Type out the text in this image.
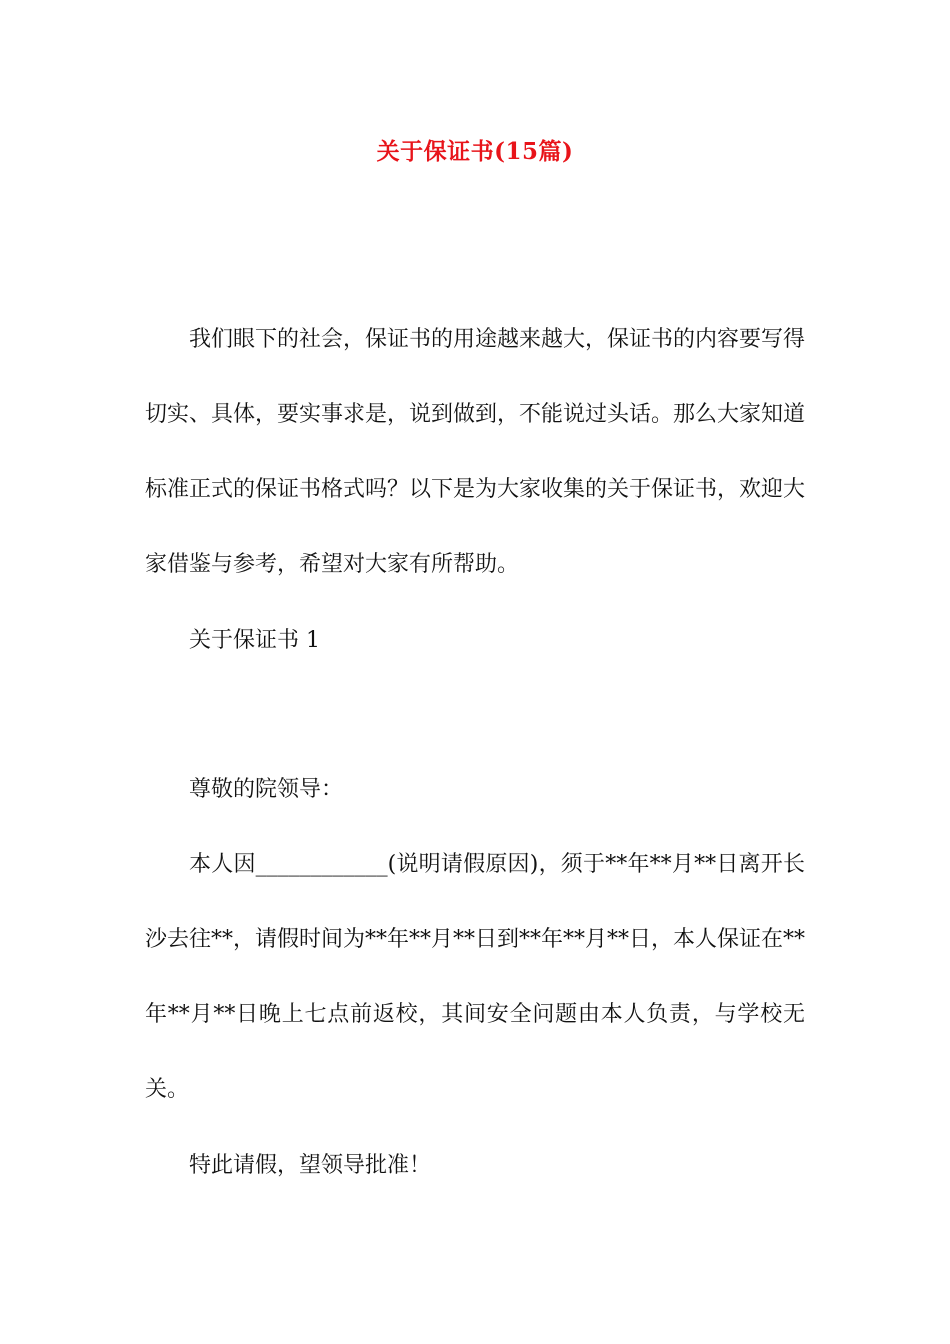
关于保证书(15篇)

我们眼下的社会，保证书的用途越来越大，保证书的内容要写得切实、具体，要实事求是，说到做到，不能说过头话。那么大家知道标准正式的保证书格式吗？以下是为大家收集的关于保证书，欢迎大家借鉴与参考，希望对大家有所帮助。

关于保证书 1

尊敬的院领导：

本人因____________(说明请假原因)，须于**年**月**日离开长沙去往**，请假时间为**年**月**日到**年**月**日，本人保证在**年**月**日晚上七点前返校，其间安全问题由本人负责，与学校无关。

特此请假，望领导批准！
